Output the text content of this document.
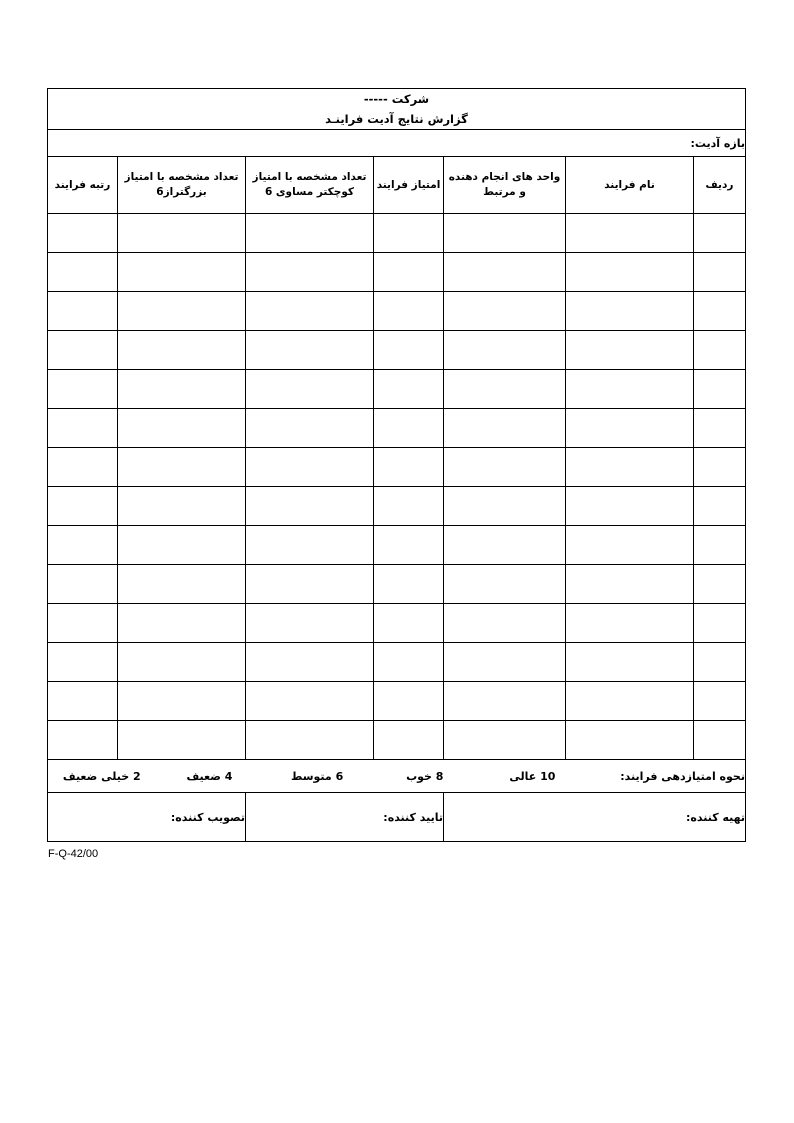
شرکت -----
گزارش نتایج آدیت فراینـد						

بازه آدیت:						
ردیف	نام فرایند	واحد های انجام دهنده و مرتبط	امتیاز فرایند	تعداد مشخصه با امتیاز کوچکتر مساوی 6	تعداد مشخصه با امتیاز بزرگتراز6	رتبه فرایند

نحوه امتیازدهی فرایند:
10 عالی
8 خوب
6 متوسط
4 ضعیف
2 خیلی ضعیف

تهیه کننده:			تایید کننده:		تصویب کننده:	
F-Q-42/00
